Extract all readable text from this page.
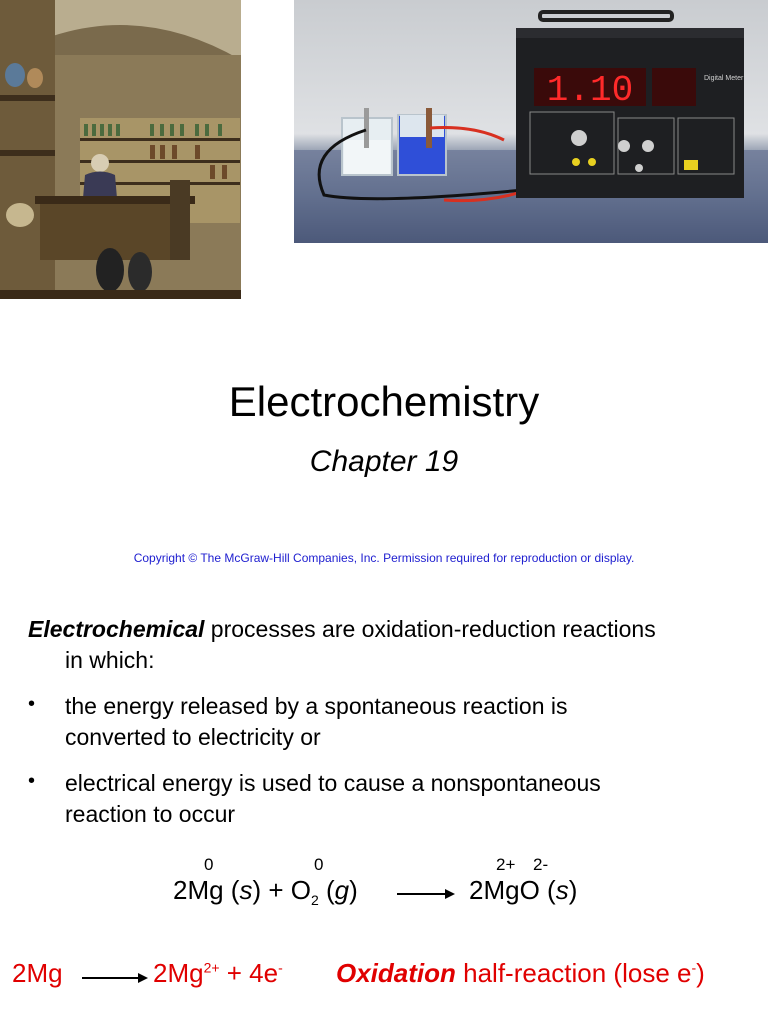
1.10	Digital Meter
Electrochemistry
Chapter 19
Copyright © The McGraw-Hill Companies, Inc. Permission required for reproduction or display.
Electrochemical processes are oxidation-reduction reactions
in which:
• the energy released by a spontaneous reaction is
converted to electricity or
• electrical energy is used to cause a nonspontaneous
reaction to occur
0	0	2+ 2-
2Mg $(s) + O_2$ (g) → 2MgO (s)
$2Mg \to 2Mg^{2+} + 4e^-$ Oxidation half-reaction (lose e-)
